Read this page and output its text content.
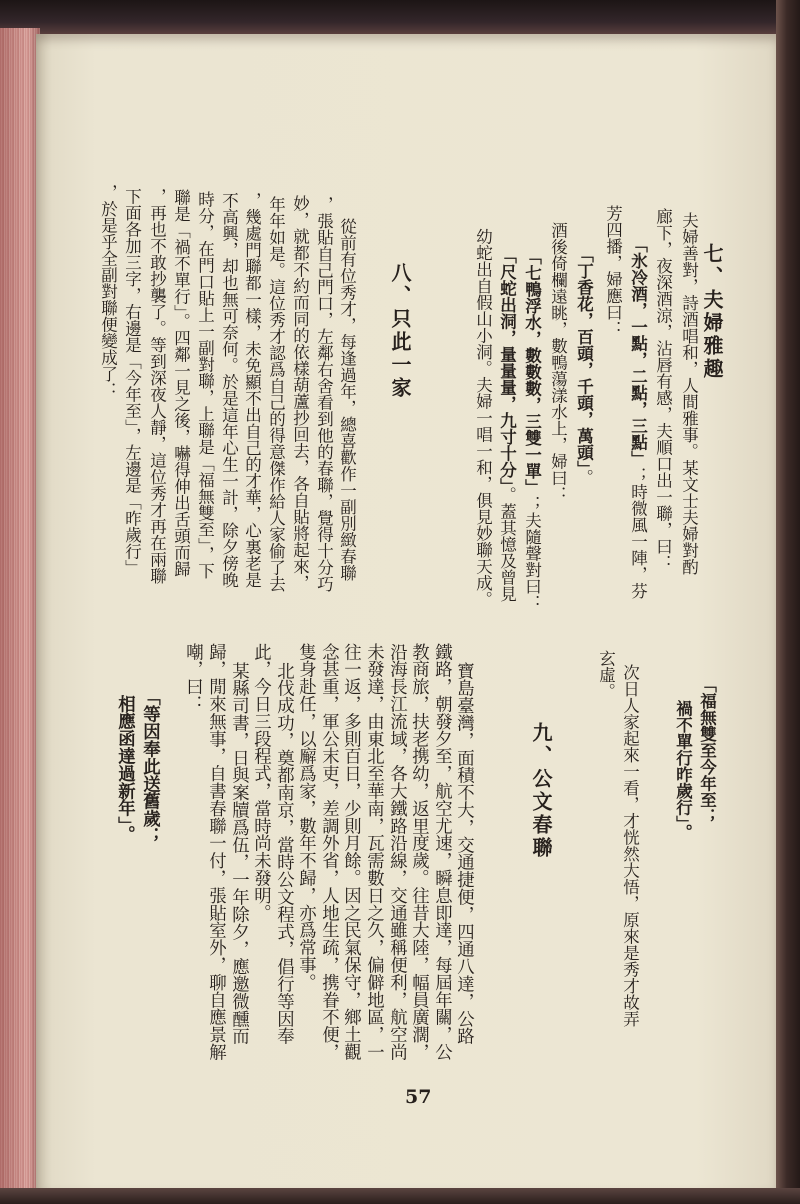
七、夫婦雅趣
夫婦善對，詩酒唱和，人間雅事。某文士夫婦對酌
廊下，夜深酒涼，沾唇有感，夫順口出一聯，曰：
「氷冷酒，一點，二點，三點」；時微風一陣，芬
芳四播，婦應曰：
「丁香花，百頭，千頭，萬頭」。
酒後倚欄遠眺，數鴨蕩漾水上，婦曰：
「七鴨浮水，數數數，三雙一單」；夫隨聲對曰：
「尺蛇出洞，量量量，九寸十分」。蓋其憶及曾見
幼蛇出自假山小洞。夫婦一唱一和，俱見妙聯天成。
八、只此一家
從前有位秀才，每逢過年，總喜歡作一副別緻春聯
，張貼自己門口，左鄰右舍看到他的春聯，覺得十分巧
妙，就都不約而同的依樣葫蘆抄回去，各自貼將起來，
年年如是。這位秀才認爲自己的得意傑作給人家偷了去
，幾處門聯都一樣，未免顯不出自己的才華，心裏老是
不高興，却也無可奈何。於是這年心生一計，除夕傍晚
時分，在門口貼上一副對聯，上聯是「福無雙至」，下
聯是「禍不單行」。四鄰一見之後，嚇得伸出舌頭而歸
，再也不敢抄襲了。等到深夜人靜，這位秀才再在兩聯
下面各加三字，右邊是「今年至」，左邊是「昨歲行」
，於是乎全副對聯便變成了：
「福無雙至今年至；
禍不單行昨歲行」。
次日人家起來一看，才恍然大悟，原來是秀才故弄
玄虛。
九、公文春聯
寶島臺灣，面積不大，交通捷便，四通八達，公路
鐵路，朝發夕至，航空尤速，瞬息即達，每屆年關，公
教商旅，扶老携幼，返里度歲。往昔大陸，幅員廣濶，
沿海長江流域，各大鐵路沿線，交通雖稱便利，航空尚
未發達，由東北至華南，瓦需數日之久，偏僻地區，一
往一返，多則百日，少則月餘。因之民氣保守，鄉土觀
念甚重，軍公末吏，差調外省，人地生疏，携眷不便，
隻身赴任，以廨爲家，數年不歸，亦爲常事。
北伐成功，奠都南京，當時公文程式，倡行等因奉
此，今日三段程式，當時尚未發明。
某縣司書，日與案牘爲伍，一年除夕，應邀微醺而
歸，閒來無事，自書春聯一付，張貼室外，聊自應景解
嘲，曰：
「等因奉此送舊歲；
相應函達過新年」。
57
